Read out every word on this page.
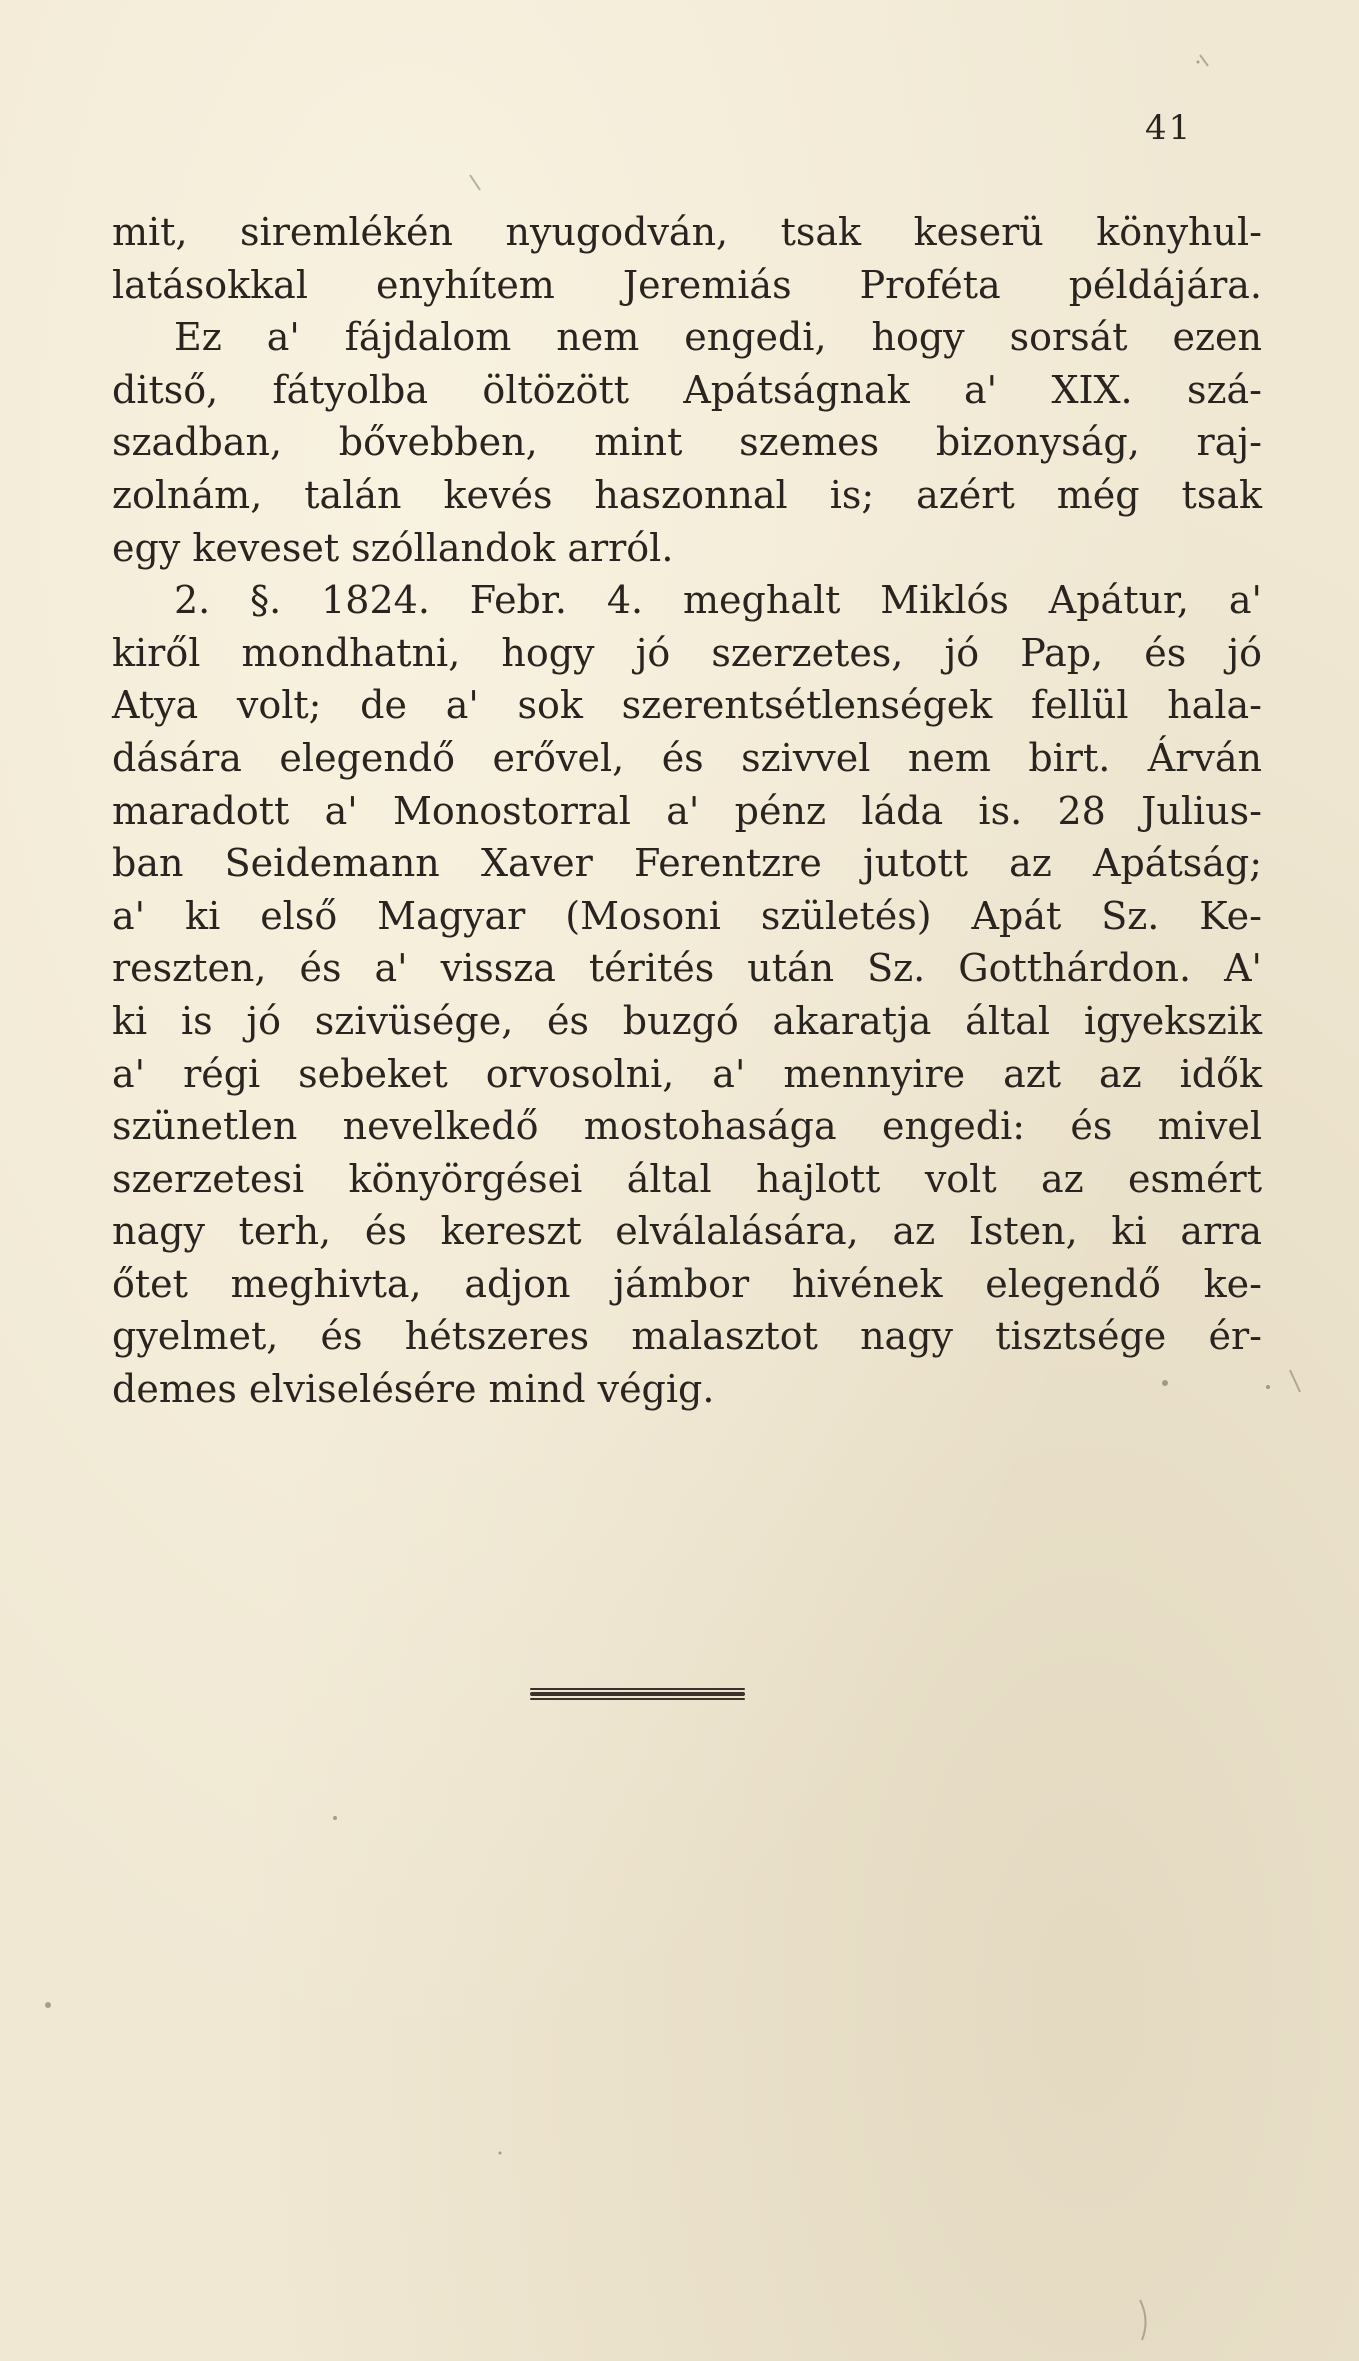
41
mit, siremlékén nyugodván, tsak keserü könyhul-
latásokkal enyhítem Jeremiás Proféta példájára.
Ez a' fájdalom nem engedi, hogy sorsát ezen
ditső, fátyolba öltözött Apátságnak a' XIX. szá-
szadban, bővebben, mint szemes bizonyság, raj-
zolnám, talán kevés haszonnal is; azért még tsak
egy keveset szóllandok arról.
2. §. 1824. Febr. 4. meghalt Miklós Apátur, a'
kiről mondhatni, hogy jó szerzetes, jó Pap, és jó
Atya volt; de a' sok szerentsétlenségek fellül hala-
dására elegendő erővel, és szivvel nem birt. Árván
maradott a' Monostorral a' pénz láda is. 28 Julius-
ban Seidemann Xaver Ferentzre jutott az Apátság;
a' ki első Magyar (Mosoni születés) Apát Sz. Ke-
reszten, és a' vissza térités után Sz. Gotthárdon. A'
ki is jó szivüsége, és buzgó akaratja által igyekszik
a' régi sebeket orvosolni, a' mennyire azt az idők
szünetlen nevelkedő mostohasága engedi: és mivel
szerzetesi könyörgései által hajlott volt az esmért
nagy terh, és kereszt elválalására, az Isten, ki arra
őtet meghivta, adjon jámbor hivének elegendő ke-
gyelmet, és hétszeres malasztot nagy tisztsége ér-
demes elviselésére mind végig.
